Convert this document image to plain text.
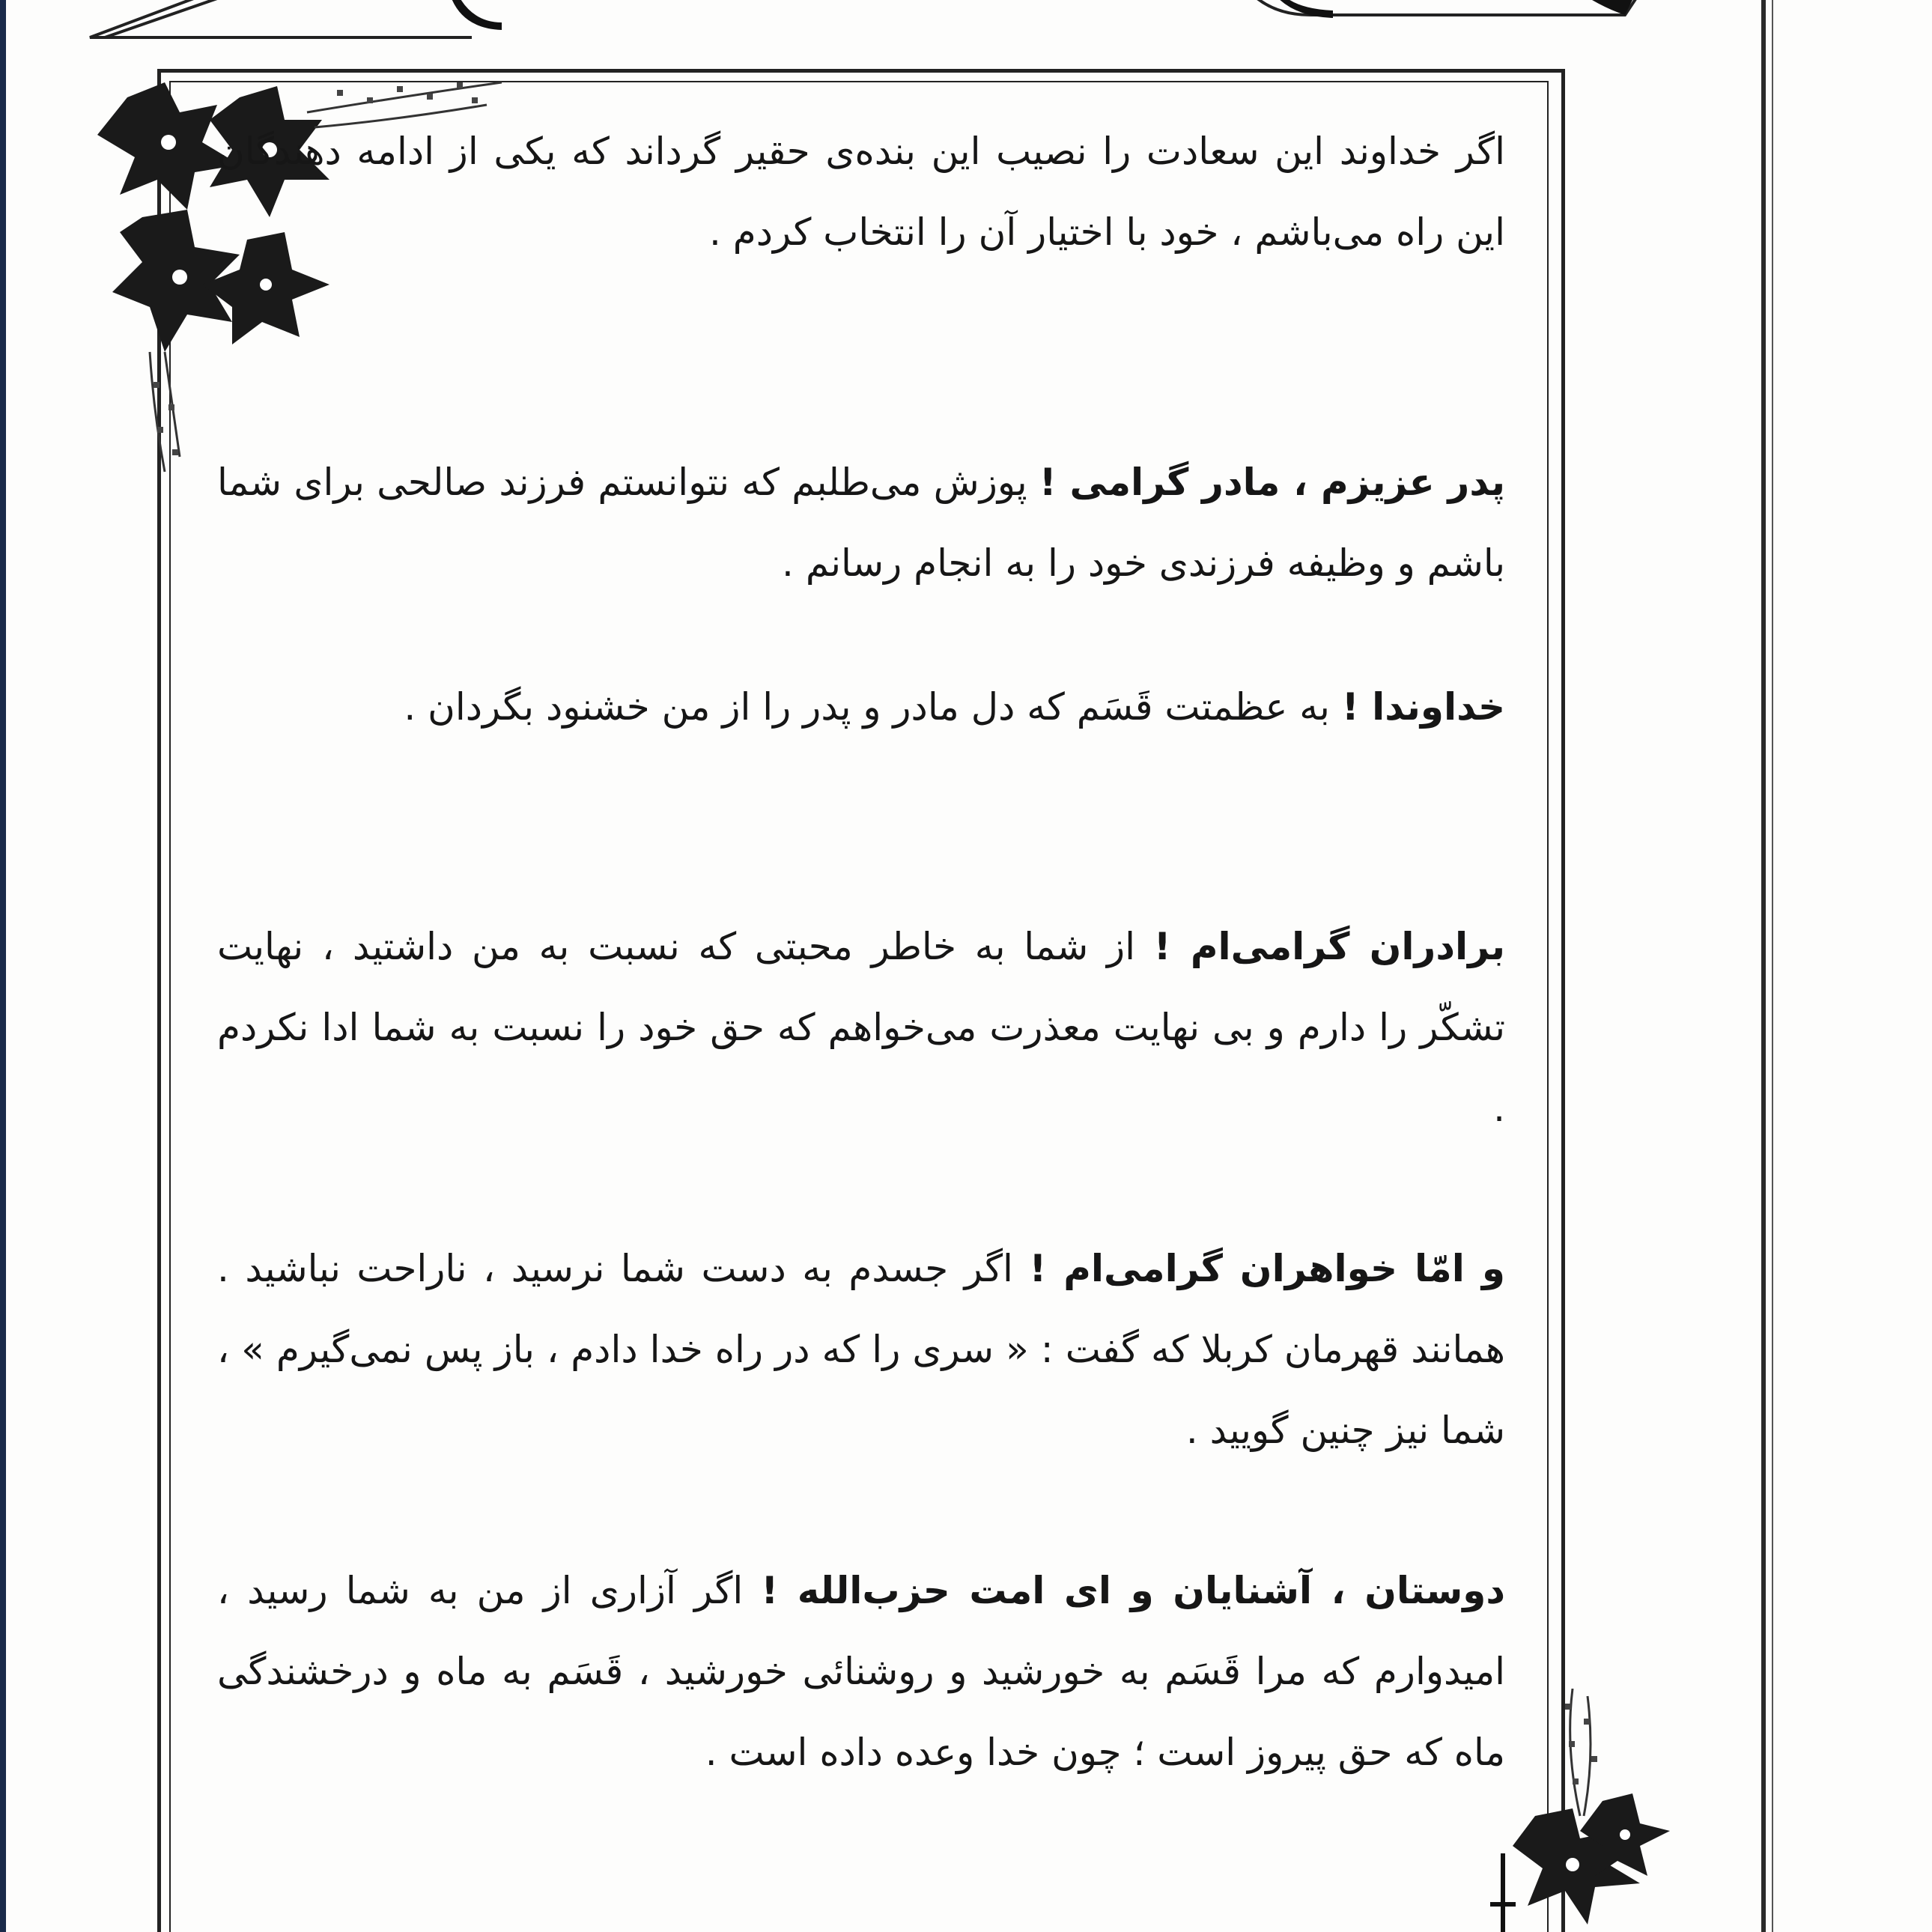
اگر خداوند این سعادت را نصیب این بنده‌ی حقیر گرداند که یکی از ادامه دهندگان این راه می‌باشم ، خود با اختیار آن را انتخاب کردم .
پدر عزیزم ، مادر گرامی ! پوزش می‌طلبم که نتوانستم فرزند صالحی برای شما باشم و وظیفه فرزندی خود را به انجام رسانم .
خداوندا ! به عظمتت قَسَم که دل مادر و پدر را از من خشنود بگردان .
برادران گرامی‌ام ! از شما به خاطر محبتی که نسبت به من داشتید ، نهایت تشکّر را دارم و بی نهایت معذرت می‌خواهم که حق خود را نسبت به شما ادا نکردم .
و امّا خواهران گرامی‌ام ! اگر جسدم به دست شما نرسید ، ناراحت نباشید . همانند قهرمان کربلا که گفت : « سری را که در راه خدا دادم ، باز پس نمی‌گیرم » ، شما نیز چنین گویید .
دوستان ، آشنایان و ای امت حزب‌الله ! اگر آزاری از من به شما رسید ، امیدوارم که مرا قَسَم به خورشید و روشنائی خورشید ، قَسَم به ماه و درخشندگی ماه که حق پیروز است ؛ چون خدا وعده داده است .
